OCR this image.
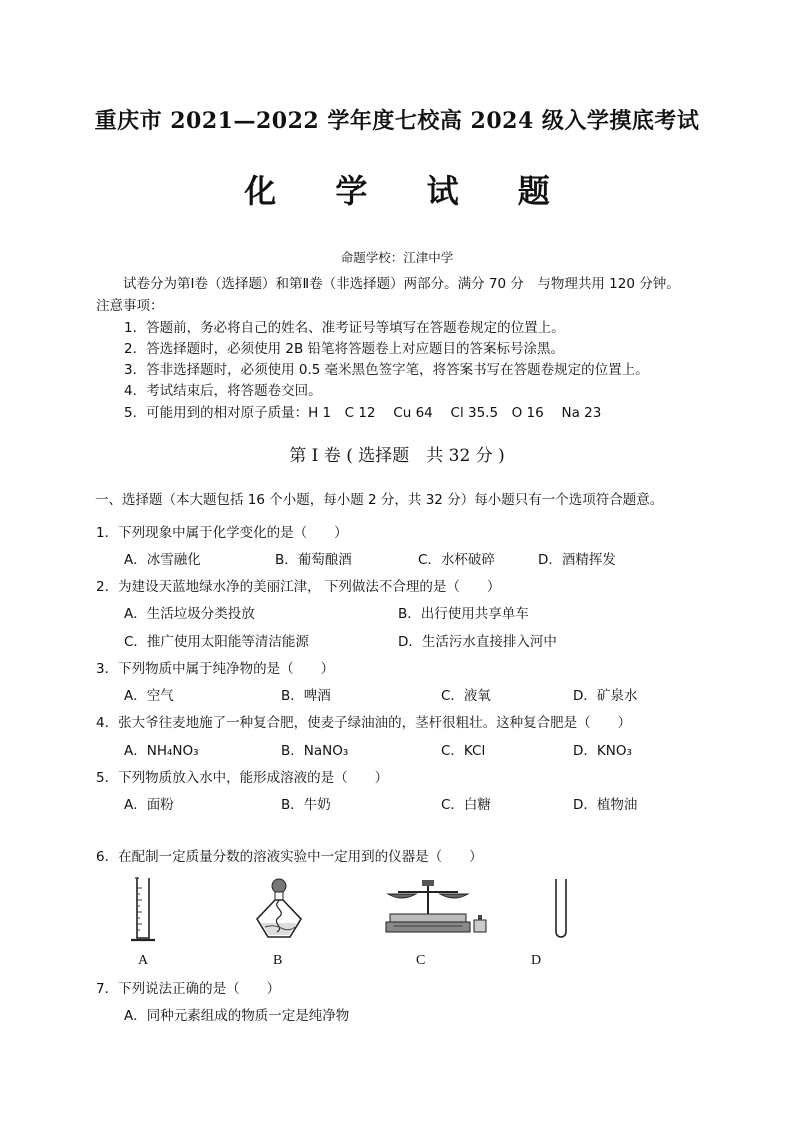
重庆市 2021—2022 学年度七校高 2024 级入学摸底考试
化 学 试 题
命题学校：江津中学
试卷分为第Ⅰ卷（选择题）和第Ⅱ卷（非选择题）两部分。满分 70 分　与物理共用 120 分钟。
注意事项：
1．答题前，务必将自己的姓名、准考证号等填写在答题卷规定的位置上。
2．答选择题时，必须使用 2B 铅笔将答题卷上对应题目的答案标号涂黑。
3．答非选择题时，必须使用 0.5 毫米黑色签字笔，将答案书写在答题卷规定的位置上。
4．考试结束后，将答题卷交回。
5．可能用到的相对原子质量：H 1　C 12　 Cu 64　 Cl 35.5　O 16　 Na 23
第 I 卷 ( 选择题　共 32 分 )
一、选择题（本大题包括 16 个小题，每小题 2 分，共 32 分）每小题只有一个选项符合题意。
1．下列现象中属于化学变化的是（　　）
A．冰雪融化	B．葡萄酿酒	C．水杯破碎	D．酒精挥发
2．为建设天蓝地绿水净的美丽江津， 下列做法不合理的是（　　）
A．生活垃圾分类投放	B．出行使用共享单车
C．推广使用太阳能等清洁能源	D．生活污水直接排入河中
3．下列物质中属于纯净物的是（　　）
A．空气	B．啤酒	C．液氧	D．矿泉水
4．张大爷往麦地施了一种复合肥，使麦子绿油油的，茎杆很粗壮。这种复合肥是（　　）
A．NH₄NO₃	B．NaNO₃	C．KCl	D．KNO₃
5．下列物质放入水中，能形成溶液的是（　　）
A．面粉	B．牛奶	C．白糖	D．植物油
6．在配制一定质量分数的溶液实验中一定用到的仪器是（　　）
A	B	C	D
7．下列说法正确的是（　　）
A．同种元素组成的物质一定是纯净物
